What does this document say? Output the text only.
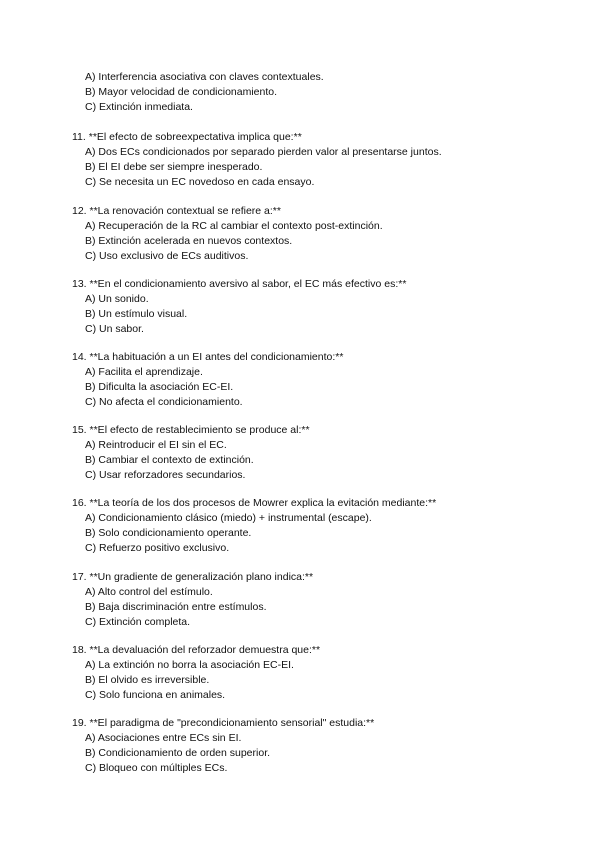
A) Interferencia asociativa con claves contextuales.
B) Mayor velocidad de condicionamiento.
C) Extinción inmediata.
11. **El efecto de sobreexpectativa implica que:**
A) Dos ECs condicionados por separado pierden valor al presentarse juntos.
B) El EI debe ser siempre inesperado.
C) Se necesita un EC novedoso en cada ensayo.
12. **La renovación contextual se refiere a:**
A) Recuperación de la RC al cambiar el contexto post-extinción.
B) Extinción acelerada en nuevos contextos.
C) Uso exclusivo de ECs auditivos.
13. **En el condicionamiento aversivo al sabor, el EC más efectivo es:**
A) Un sonido.
B) Un estímulo visual.
C) Un sabor.
14. **La habituación a un EI antes del condicionamiento:**
A) Facilita el aprendizaje.
B) Dificulta la asociación EC-EI.
C) No afecta el condicionamiento.
15. **El efecto de restablecimiento se produce al:**
A) Reintroducir el EI sin el EC.
B) Cambiar el contexto de extinción.
C) Usar reforzadores secundarios.
16. **La teoría de los dos procesos de Mowrer explica la evitación mediante:**
A) Condicionamiento clásico (miedo) + instrumental (escape).
B) Solo condicionamiento operante.
C) Refuerzo positivo exclusivo.
17. **Un gradiente de generalización plano indica:**
A) Alto control del estímulo.
B) Baja discriminación entre estímulos.
C) Extinción completa.
18. **La devaluación del reforzador demuestra que:**
A) La extinción no borra la asociación EC-EI.
B) El olvido es irreversible.
C) Solo funciona en animales.
19. **El paradigma de "precondicionamiento sensorial" estudia:**
A) Asociaciones entre ECs sin EI.
B) Condicionamiento de orden superior.
C) Bloqueo con múltiples ECs.
